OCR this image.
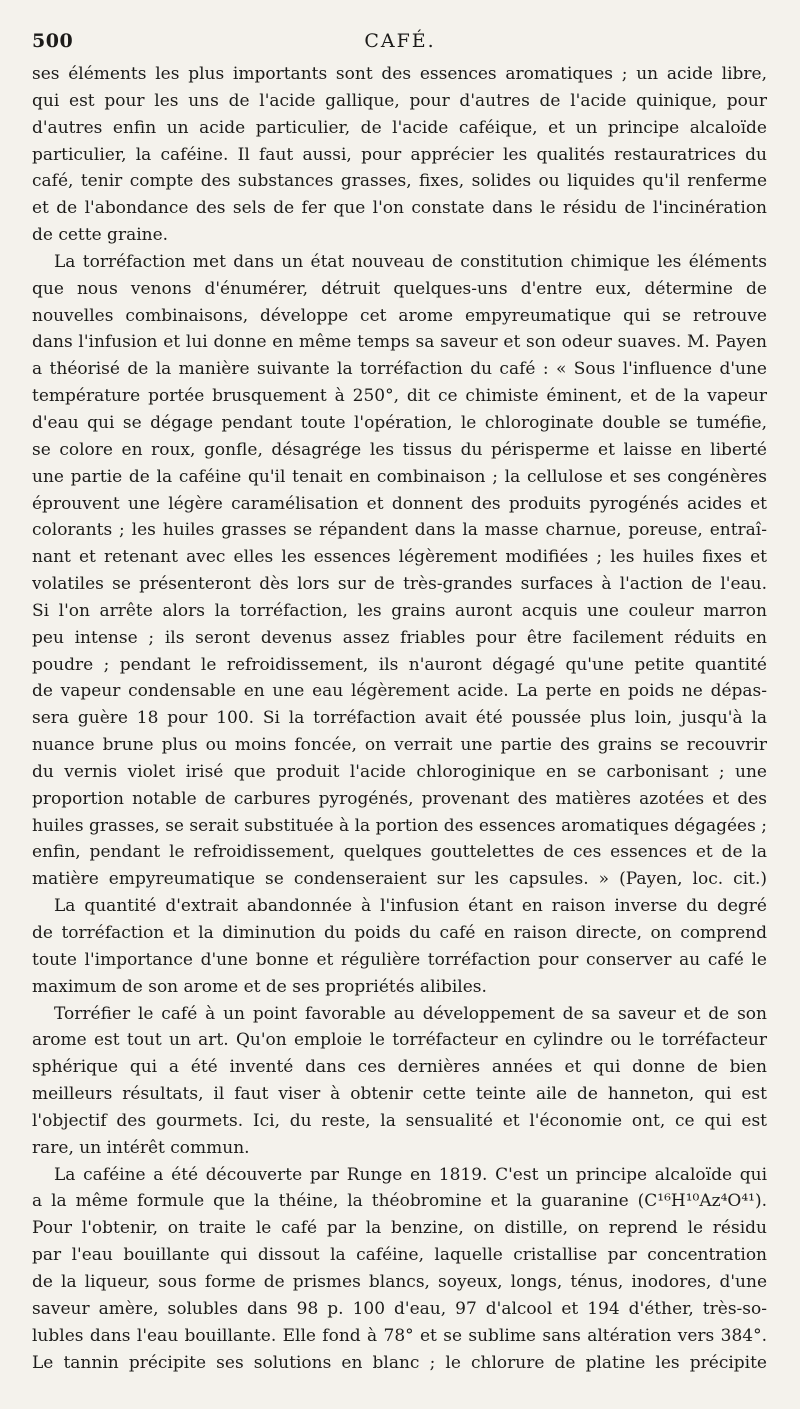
500	CAFÉ.
ses éléments les plus importants sont des essences aromatiques ; un acide libre,
qui est pour les uns de l'acide gallique, pour d'autres de l'acide quinique, pour
d'autres enfin un acide particulier, de l'acide caféique, et un principe alcaloïde
particulier, la caféine. Il faut aussi, pour apprécier les qualités restauratrices du
café, tenir compte des substances grasses, fixes, solides ou liquides qu'il renferme
et de l'abondance des sels de fer que l'on constate dans le résidu de l'incinération
de cette graine.
La torréfaction met dans un état nouveau de constitution chimique les éléments
que nous venons d'énumérer, détruit quelques-uns d'entre eux, détermine de
nouvelles combinaisons, développe cet arome empyreumatique qui se retrouve
dans l'infusion et lui donne en même temps sa saveur et son odeur suaves. M. Payen
a théorisé de la manière suivante la torréfaction du café : « Sous l'influence d'une
température portée brusquement à 250°, dit ce chimiste éminent, et de la vapeur
d'eau qui se dégage pendant toute l'opération, le chloroginate double se tuméfie,
se colore en roux, gonfle, désagrége les tissus du périsperme et laisse en liberté
une partie de la caféine qu'il tenait en combinaison ; la cellulose et ses congénères
éprouvent une légère caramélisation et donnent des produits pyrogénés acides et
colorants ; les huiles grasses se répandent dans la masse charnue, poreuse, entraî-
nant et retenant avec elles les essences légèrement modifiées ; les huiles fixes et
volatiles se présenteront dès lors sur de très-grandes surfaces à l'action de l'eau.
Si l'on arrête alors la torréfaction, les grains auront acquis une couleur marron
peu intense ; ils seront devenus assez friables pour être facilement réduits en
poudre ; pendant le refroidissement, ils n'auront dégagé qu'une petite quantité
de vapeur condensable en une eau légèrement acide. La perte en poids ne dépas-
sera guère 18 pour 100. Si la torréfaction avait été poussée plus loin, jusqu'à la
nuance brune plus ou moins foncée, on verrait une partie des grains se recouvrir
du vernis violet irisé que produit l'acide chloroginique en se carbonisant ; une
proportion notable de carbures pyrogénés, provenant des matières azotées et des
huiles grasses, se serait substituée à la portion des essences aromatiques dégagées ;
enfin, pendant le refroidissement, quelques gouttelettes de ces essences et de la
matière empyreumatique se condenseraient sur les capsules. » (Payen, loc. cit.)
La quantité d'extrait abandonnée à l'infusion étant en raison inverse du degré
de torréfaction et la diminution du poids du café en raison directe, on comprend
toute l'importance d'une bonne et régulière torréfaction pour conserver au café le
maximum de son arome et de ses propriétés alibiles.
Torréfier le café à un point favorable au développement de sa saveur et de son
arome est tout un art. Qu'on emploie le torréfacteur en cylindre ou le torréfacteur
sphérique qui a été inventé dans ces dernières années et qui donne de bien
meilleurs résultats, il faut viser à obtenir cette teinte aile de hanneton, qui est
l'objectif des gourmets. Ici, du reste, la sensualité et l'économie ont, ce qui est
rare, un intérêt commun.
La caféine a été découverte par Runge en 1819. C'est un principe alcaloïde qui
a la même formule que la théine, la théobromine et la guaranine (C¹⁶H¹⁰Az⁴O⁴¹).
Pour l'obtenir, on traite le café par la benzine, on distille, on reprend le résidu
par l'eau bouillante qui dissout la caféine, laquelle cristallise par concentration
de la liqueur, sous forme de prismes blancs, soyeux, longs, ténus, inodores, d'une
saveur amère, solubles dans 98 p. 100 d'eau, 97 d'alcool et 194 d'éther, très-so-
lubles dans l'eau bouillante. Elle fond à 78° et se sublime sans altération vers 384°.
Le tannin précipite ses solutions en blanc ; le chlorure de platine les précipite
